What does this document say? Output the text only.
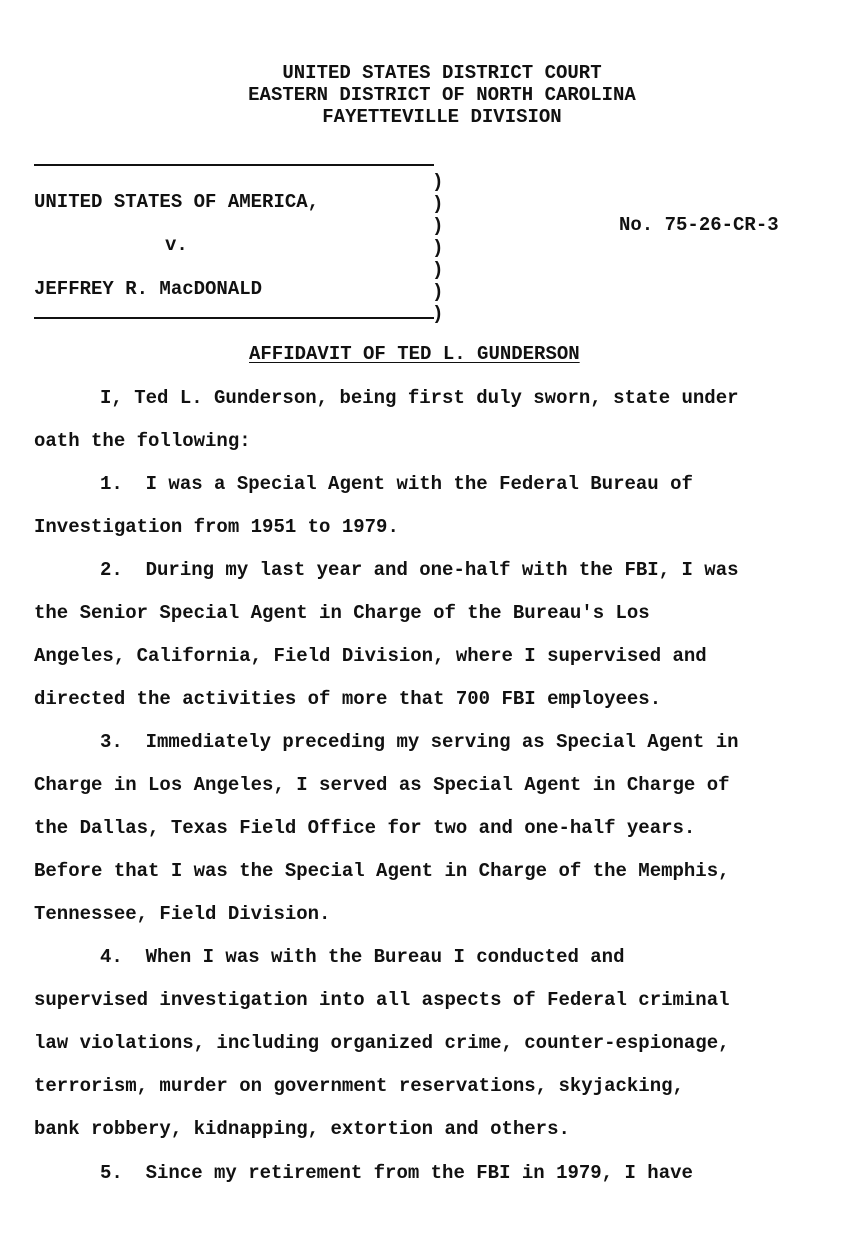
UNITED STATES DISTRICT COURT
EASTERN DISTRICT OF NORTH CAROLINA
FAYETTEVILLE DIVISION
UNITED STATES OF AMERICA,
v.
JEFFREY R. MacDONALD
)
)
)
)
)
)
)
No. 75-26-CR-3
AFFIDAVIT OF TED L. GUNDERSON
I, Ted L. Gunderson, being first duly sworn, state under
oath the following:
1.  I was a Special Agent with the Federal Bureau of
Investigation from 1951 to 1979.
2.  During my last year and one-half with the FBI, I was
the Senior Special Agent in Charge of the Bureau's Los
Angeles, California, Field Division, where I supervised and
directed the activities of more that 700 FBI employees.
3.  Immediately preceding my serving as Special Agent in
Charge in Los Angeles, I served as Special Agent in Charge of
the Dallas, Texas Field Office for two and one-half years.
Before that I was the Special Agent in Charge of the Memphis,
Tennessee, Field Division.
4.  When I was with the Bureau I conducted and
supervised investigation into all aspects of Federal criminal
law violations, including organized crime, counter-espionage,
terrorism, murder on government reservations, skyjacking,
bank robbery, kidnapping, extortion and others.
5.  Since my retirement from the FBI in 1979, I have
